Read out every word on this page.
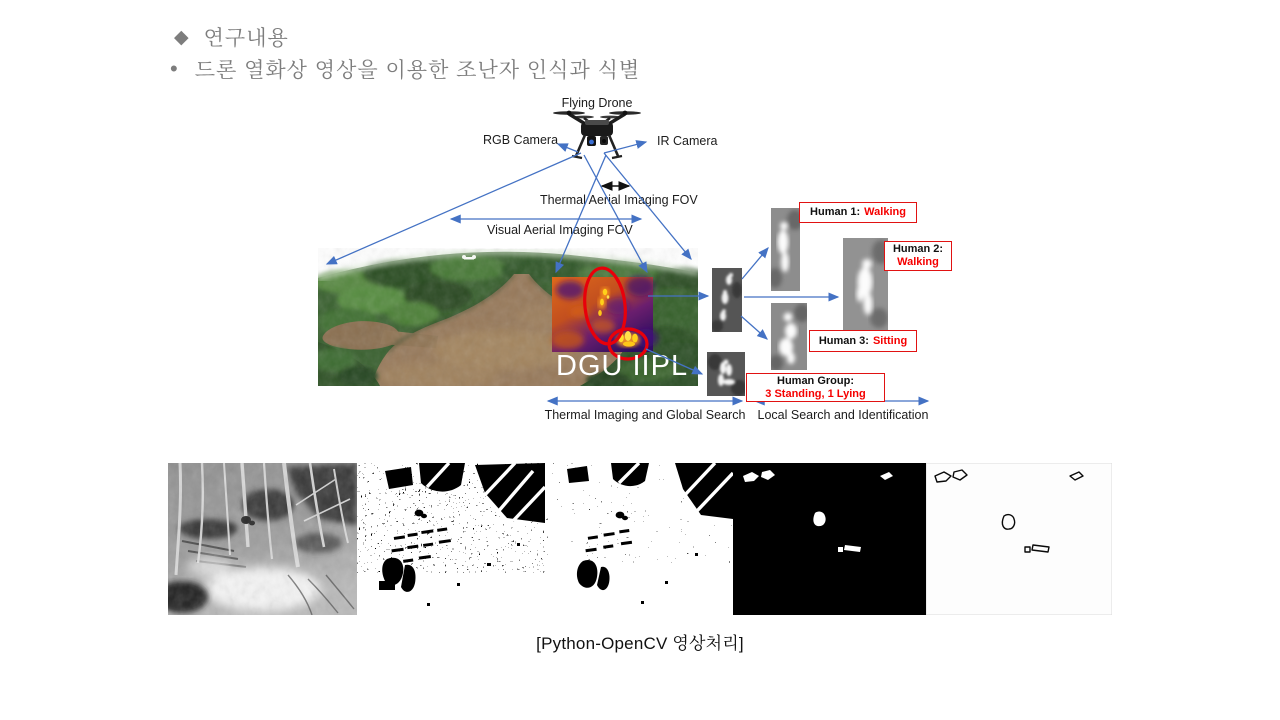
◆ 연구내용
• 드론 열화상 영상을 이용한 조난자 인식과 식별
DGU IIPL
Flying Drone
RGB Camera	IR Camera
Thermal Aerial Imaging FOV
Visual Aerial Imaging FOV
Thermal Imaging and Global Search Local Search and Identification
Human 1: Walking
Human 2:
Walking
Human 3: Sitting
Human Group:
3 Standing, 1 Lying
[Python-OpenCV 영상처리]
